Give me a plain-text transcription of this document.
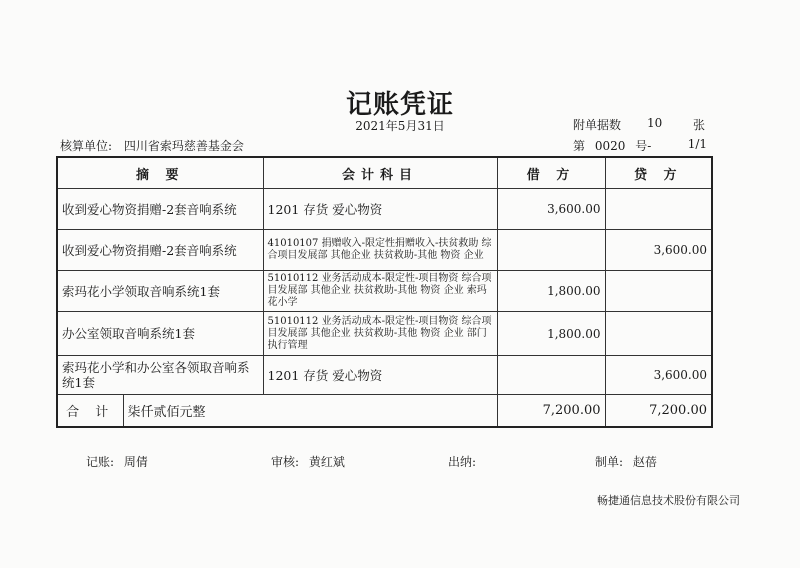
记账凭证
2021年5月31日
核算单位: 四川省索玛慈善基金会
附单据数 10	张
第 0020 号-	1/1
摘 要		会计科目	借 方	贷 方
收到爱心物资捐赠-2套音响系统		1201 存货 爱心物资	3,600.00	
收到爱心物资捐赠-2套音响系统		41010107 捐赠收入-限定性捐赠收入-扶贫救助 综合项目发展部 其他企业 扶贫救助-其他 物资 企业		3,600.00
索玛花小学领取音响系统1套		51010112 业务活动成本-限定性-项目物资 综合项目发展部 其他企业 扶贫救助-其他 物资 企业 索玛花小学	1,800.00	
办公室领取音响系统1套		51010112 业务活动成本-限定性-项目物资 综合项目发展部 其他企业 扶贫救助-其他 物资 企业 部门执行管理	1,800.00	
索玛花小学和办公室各领取音响系统1套		1201 存货 爱心物资		3,600.00
合 计	柒仟贰佰元整		7,200.00	7,200.00
记账: 周倩	审核: 黄红斌	出纳:	制单: 赵蓓
畅捷通信息技术股份有限公司
